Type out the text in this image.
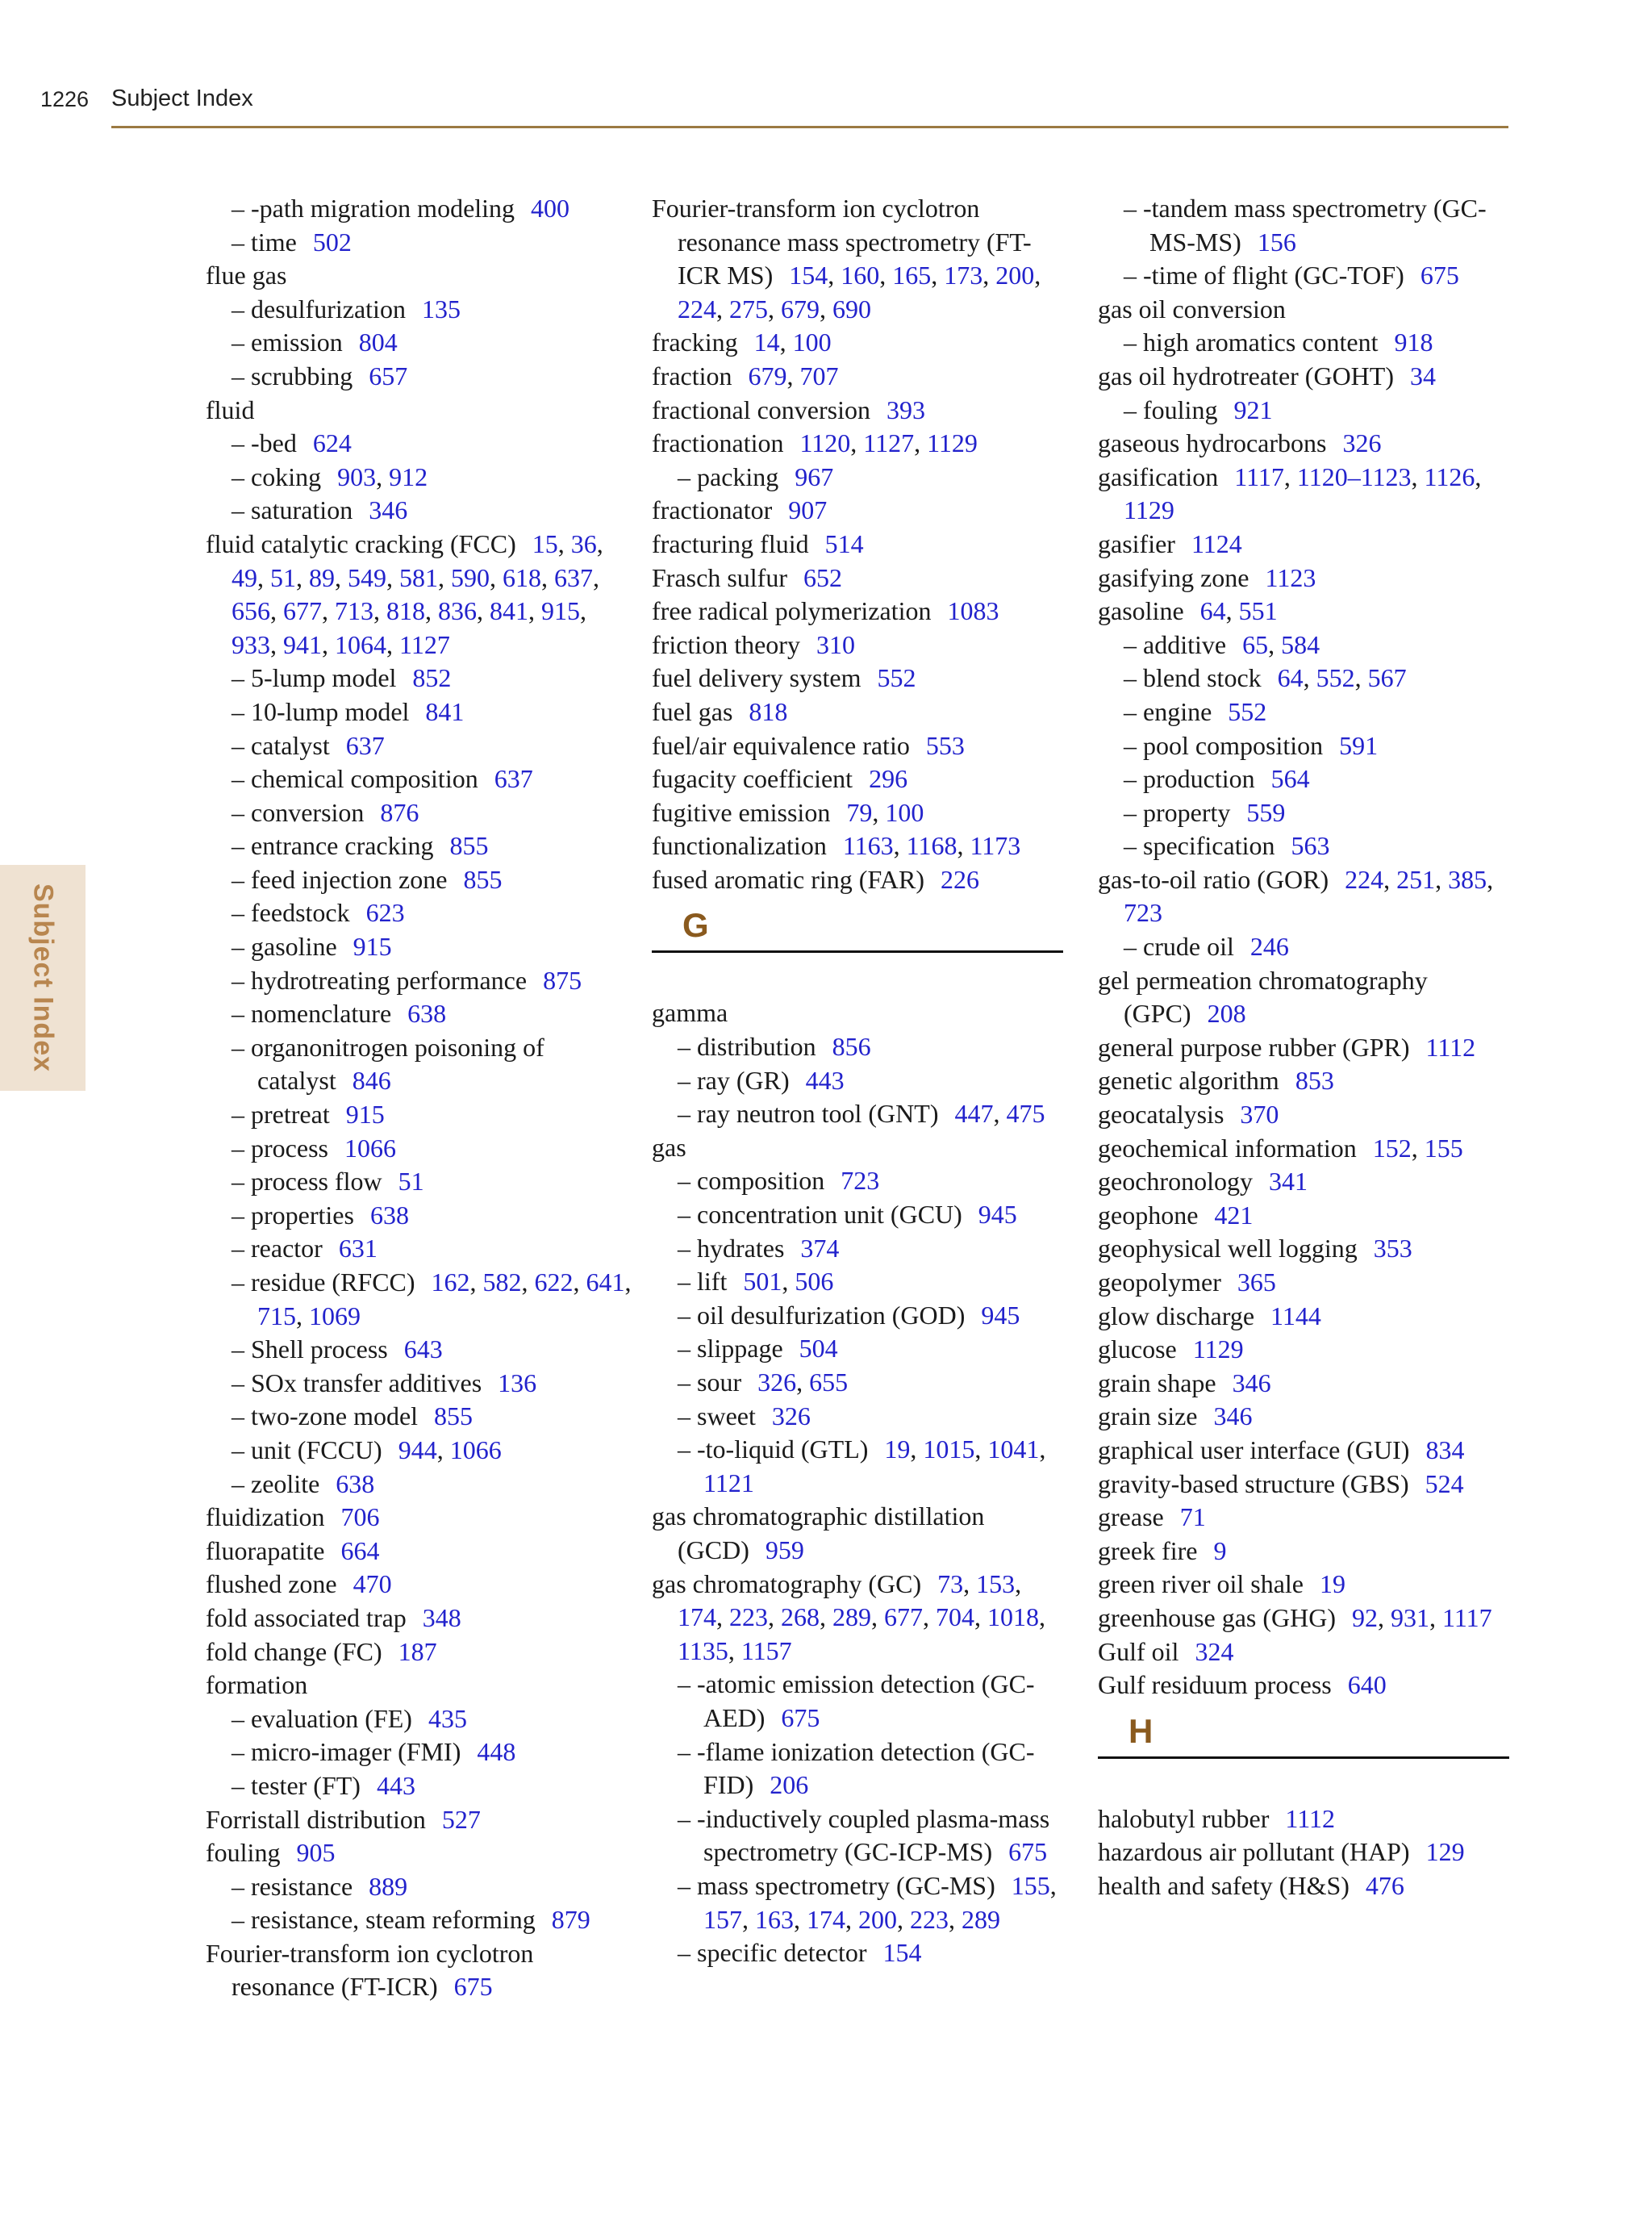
1226 Subject Index
Subject Index
– -path migration modeling 400
– time 502
flue gas
– desulfurization 135
– emission 804
– scrubbing 657
fluid
– -bed 624
– coking 903, 912
– saturation 346
fluid catalytic cracking (FCC) 15, 36, 49, 51, 89, 549, 581, 590, 618, 637, 656, 677, 713, 818, 836, 841, 915, 933, 941, 1064, 1127
– 5-lump model 852
– 10-lump model 841
– catalyst 637
– chemical composition 637
– conversion 876
– entrance cracking 855
– feed injection zone 855
– feedstock 623
– gasoline 915
– hydrotreating performance 875
– nomenclature 638
– organonitrogen poisoning of catalyst 846
– pretreat 915
– process 1066
– process flow 51
– properties 638
– reactor 631
– residue (RFCC) 162, 582, 622, 641, 715, 1069
– Shell process 643
– SOx transfer additives 136
– two-zone model 855
– unit (FCCU) 944, 1066
– zeolite 638
fluidization 706
fluorapatite 664
flushed zone 470
fold associated trap 348
fold change (FC) 187
formation
– evaluation (FE) 435
– micro-imager (FMI) 448
– tester (FT) 443
Forristall distribution 527
fouling 905
– resistance 889
– resistance, steam reforming 879
Fourier-transform ion cyclotron resonance (FT-ICR) 675
Fourier-transform ion cyclotron resonance mass spectrometry (FT-ICR MS) 154, 160, 165, 173, 200, 224, 275, 679, 690
fracking 14, 100
fraction 679, 707
fractional conversion 393
fractionation 1120, 1127, 1129
– packing 967
fractionator 907
fracturing fluid 514
Frasch sulfur 652
free radical polymerization 1083
friction theory 310
fuel delivery system 552
fuel gas 818
fuel/air equivalence ratio 553
fugacity coefficient 296
fugitive emission 79, 100
functionalization 1163, 1168, 1173
fused aromatic ring (FAR) 226
G
gamma
– distribution 856
– ray (GR) 443
– ray neutron tool (GNT) 447, 475
gas
– composition 723
– concentration unit (GCU) 945
– hydrates 374
– lift 501, 506
– oil desulfurization (GOD) 945
– slippage 504
– sour 326, 655
– sweet 326
– -to-liquid (GTL) 19, 1015, 1041, 1121
gas chromatographic distillation (GCD) 959
gas chromatography (GC) 73, 153, 174, 223, 268, 289, 677, 704, 1018, 1135, 1157
– -atomic emission detection (GC-AED) 675
– -flame ionization detection (GC-FID) 206
– -inductively coupled plasma-mass spectrometry (GC-ICP-MS) 675
– mass spectrometry (GC-MS) 155, 157, 163, 174, 200, 223, 289
– specific detector 154
– -tandem mass spectrometry (GC-MS-MS) 156
– -time of flight (GC-TOF) 675
gas oil conversion
– high aromatics content 918
gas oil hydrotreater (GOHT) 34
– fouling 921
gaseous hydrocarbons 326
gasification 1117, 1120–1123, 1126, 1129
gasifier 1124
gasifying zone 1123
gasoline 64, 551
– additive 65, 584
– blend stock 64, 552, 567
– engine 552
– pool composition 591
– production 564
– property 559
– specification 563
gas-to-oil ratio (GOR) 224, 251, 385, 723
– crude oil 246
gel permeation chromatography (GPC) 208
general purpose rubber (GPR) 1112
genetic algorithm 853
geocatalysis 370
geochemical information 152, 155
geochronology 341
geophone 421
geophysical well logging 353
geopolymer 365
glow discharge 1144
glucose 1129
grain shape 346
grain size 346
graphical user interface (GUI) 834
gravity-based structure (GBS) 524
grease 71
greek fire 9
green river oil shale 19
greenhouse gas (GHG) 92, 931, 1117
Gulf oil 324
Gulf residuum process 640
H
halobutyl rubber 1112
hazardous air pollutant (HAP) 129
health and safety (H&S) 476
